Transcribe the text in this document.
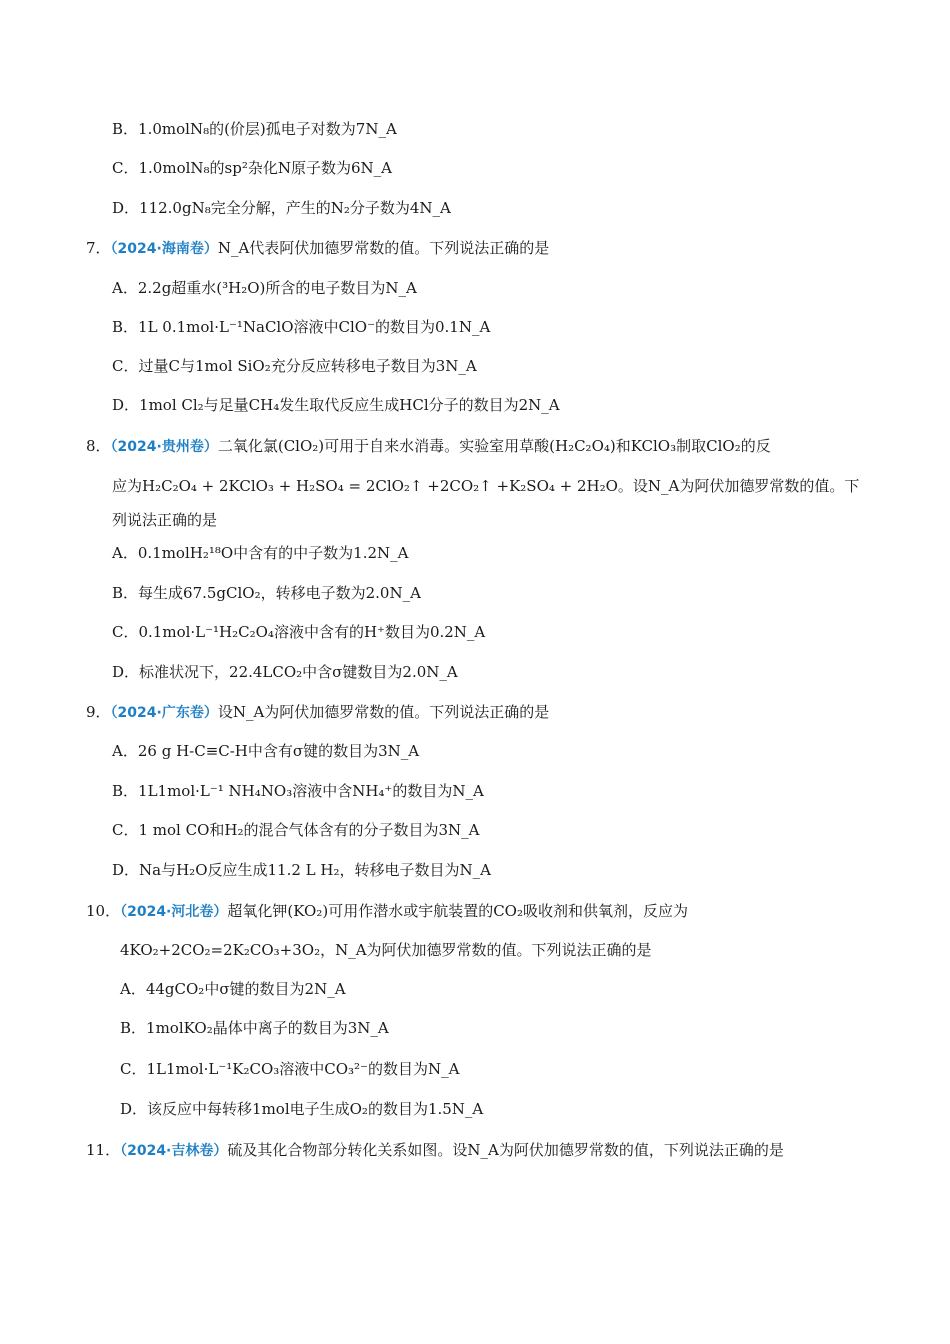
B．1.0molN₈的(价层)孤电子对数为7N_A
C．1.0molN₈的sp²杂化N原子数为6N_A
D．112.0gN₈完全分解，产生的N₂分子数为4N_A
7．（2024·海南卷）N_A代表阿伏加德罗常数的值。下列说法正确的是
A．2.2g超重水(³H₂O)所含的电子数目为N_A
B．1L 0.1mol·L⁻¹NaClO溶液中ClO⁻的数目为0.1N_A
C．过量C与1mol SiO₂充分反应转移电子数目为3N_A
D．1mol Cl₂与足量CH₄发生取代反应生成HCl分子的数目为2N_A
8．（2024·贵州卷）二氧化氯(ClO₂)可用于自来水消毒。实验室用草酸(H₂C₂O₄)和KClO₃制取ClO₂的反
应为H₂C₂O₄ + 2KClO₃ + H₂SO₄ = 2ClO₂↑ +2CO₂↑ +K₂SO₄ + 2H₂O。设N_A为阿伏加德罗常数的值。下
列说法正确的是
A．0.1molH₂¹⁸O中含有的中子数为1.2N_A
B．每生成67.5gClO₂，转移电子数为2.0N_A
C．0.1mol·L⁻¹H₂C₂O₄溶液中含有的H⁺数目为0.2N_A
D．标准状况下，22.4LCO₂中含σ键数目为2.0N_A
9．（2024·广东卷）设N_A为阿伏加德罗常数的值。下列说法正确的是
A．26 g H-C≡C-H中含有σ键的数目为3N_A
B．1L1mol·L⁻¹ NH₄NO₃溶液中含NH₄⁺的数目为N_A
C．1 mol CO和H₂的混合气体含有的分子数目为3N_A
D．Na与H₂O反应生成11.2 L H₂，转移电子数目为N_A
10．（2024·河北卷）超氧化钾(KO₂)可用作潜水或宇航装置的CO₂吸收剂和供氧剂，反应为
4KO₂+2CO₂=2K₂CO₃+3O₂，N_A为阿伏加德罗常数的值。下列说法正确的是
A．44gCO₂中σ键的数目为2N_A
B．1molKO₂晶体中离子的数目为3N_A
C．1L1mol·L⁻¹K₂CO₃溶液中CO₃²⁻的数目为N_A
D．该反应中每转移1mol电子生成O₂的数目为1.5N_A
11．（2024·吉林卷）硫及其化合物部分转化关系如图。设N_A为阿伏加德罗常数的值，下列说法正确的是
